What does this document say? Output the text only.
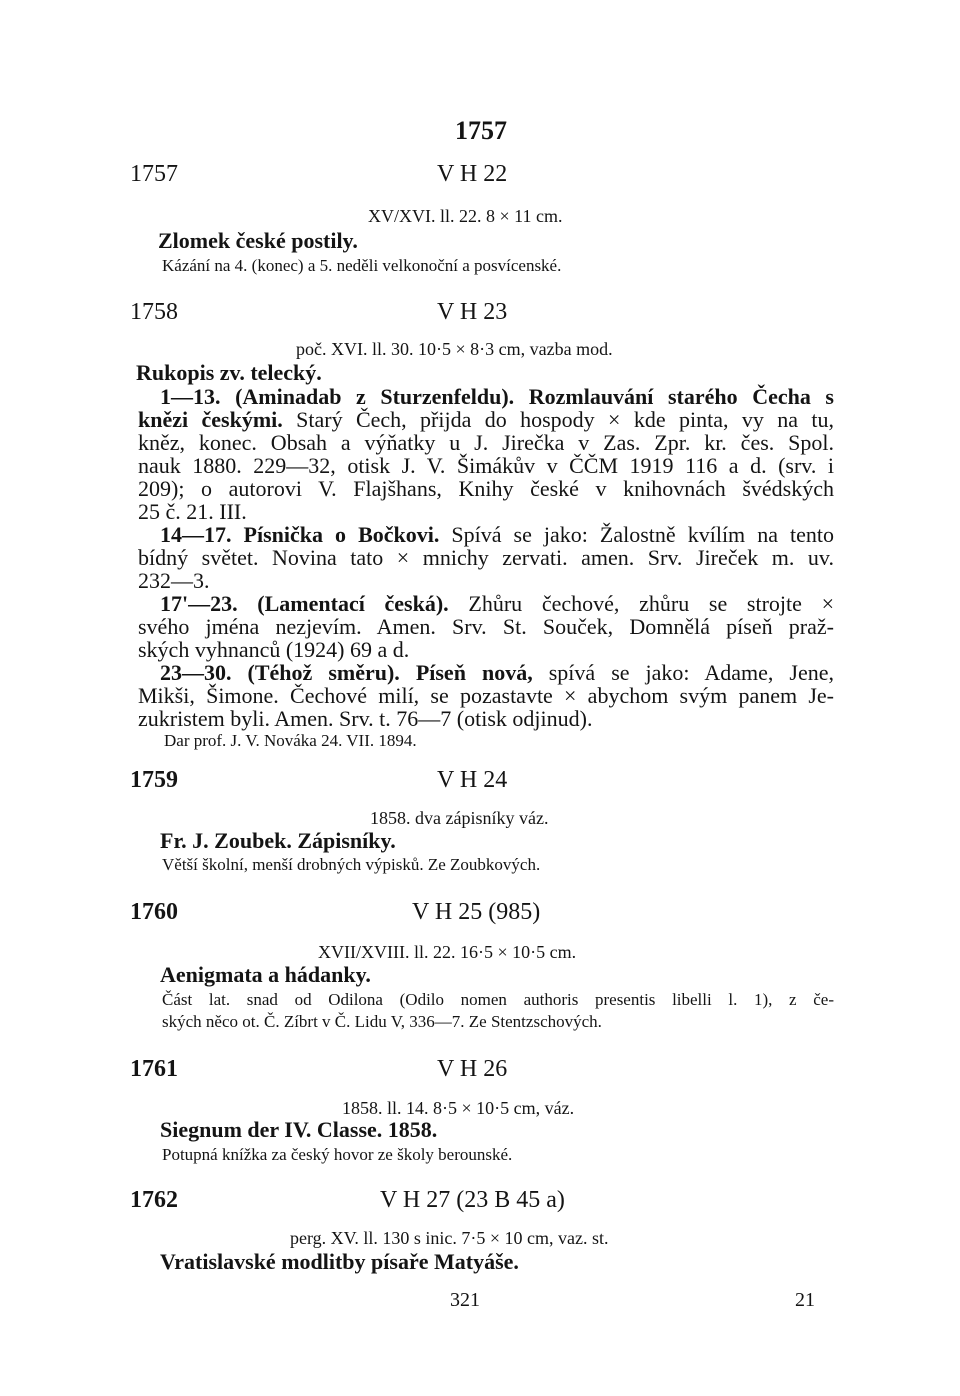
1757
1757	V H 22
XV/XVI. ll. 22. 8 × 11 cm.
Zlomek české postily.
Kázání na 4. (konec) a 5. neděli velkonoční a posvícenské.
1758	V H 23
poč. XVI. ll. 30. 10·5 × 8·3 cm, vazba mod.
Rukopis zv. telecký.
1—13. (Aminadab z Sturzenfeldu). Rozmlauvání starého Čecha s
knězi českými. Starý Čech, přijda do hospody × kde pinta, vy na tu,
kněz, konec. Obsah a výňatky u J. Jirečka v Zas. Zpr. kr. čes. Spol.
nauk 1880. 229—32, otisk J. V. Šimákův v ČČM 1919 116 a d. (srv. i
209); o autorovi V. Flajšhans, Knihy české v knihovnách švédských
25 č. 21. III.
14—17. Písnička o Bočkovi. Spívá se jako: Žalostně kvílím na tento
bídný světet. Novina tato × mnichy zervati. amen. Srv. Jireček m. uv.
232—3.
17'—23. (Lamentací česká). Zhůru čechové, zhůru se strojte ×
svého jména nezjevím. Amen. Srv. St. Souček, Domnělá píseň praž-
ských vyhnanců (1924) 69 a d.
23—30. (Téhož směru). Píseň nová, spívá se jako: Adame, Jene,
Mikši, Šimone. Čechové milí, se pozastavte × abychom svým panem Je-
zukristem byli. Amen. Srv. t. 76—7 (otisk odjinud).
Dar prof. J. V. Nováka 24. VII. 1894.
1759	V H 24
1858. dva zápisníky váz.
Fr. J. Zoubek. Zápisníky.
Větší školní, menší drobných výpisků. Ze Zoubkových.
1760	V H 25 (985)
XVII/XVIII. ll. 22. 16·5 × 10·5 cm.
Aenigmata a hádanky.
Část lat. snad od Odilona (Odilo nomen authoris presentis libelli l. 1), z če-
ských něco ot. Č. Zíbrt v Č. Lidu V, 336—7. Ze Stentzschových.
1761	V H 26
1858. ll. 14. 8·5 × 10·5 cm, váz.
Siegnum der IV. Classe. 1858.
Potupná knížka za český hovor ze školy berounské.
1762	V H 27 (23 B 45 a)
perg. XV. ll. 130 s inic. 7·5 × 10 cm, vaz. st.
Vratislavské modlitby písaře Matyáše.
321	21
